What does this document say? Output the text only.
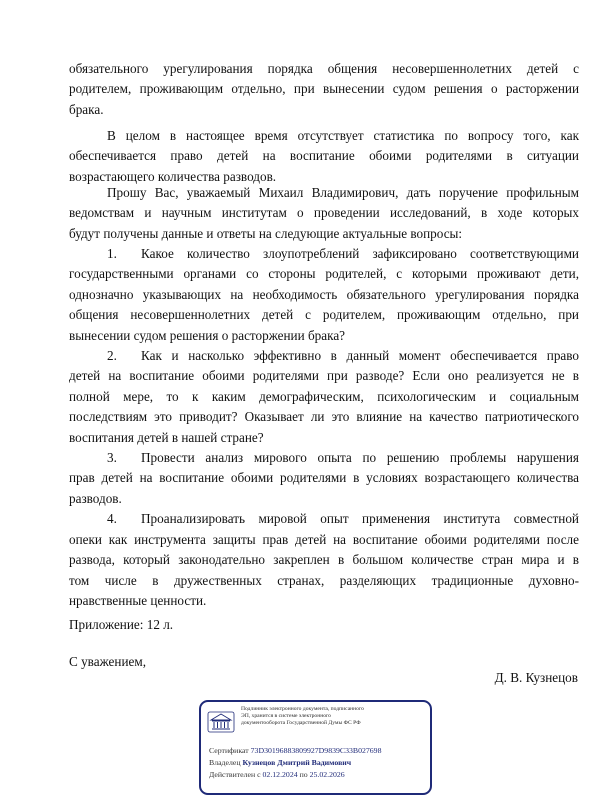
обязательного урегулирования порядка общения несовершеннолетних детей с
родителем, проживающим отдельно, при вынесении судом решения о расторжении
брака.
В целом в настоящее время отсутствует статистика по вопросу того, как
обеспечивается право детей на воспитание обоими родителями в ситуации
возрастающего количества разводов.
Прошу Вас, уважаемый Михаил Владимирович, дать поручение профильным
ведомствам и научным институтам о проведении исследований, в ходе которых
будут получены данные и ответы на следующие актуальные вопросы:
1. Какое количество злоупотреблений зафиксировано соответствующими
государственными органами со стороны родителей, с которыми проживают дети,
однозначно указывающих на необходимость обязательного урегулирования порядка
общения несовершеннолетних детей с родителем, проживающим отдельно, при
вынесении судом решения о расторжении брака?
2. Как и насколько эффективно в данный момент обеспечивается право
детей на воспитание обоими родителями при разводе? Если оно реализуется не в
полной мере, то к каким демографическим, психологическим и социальным
последствиям это приводит? Оказывает ли это влияние на качество патриотического
воспитания детей в нашей стране?
3. Провести анализ мирового опыта по решению проблемы нарушения
прав детей на воспитание обоими родителями в условиях возрастающего количества
разводов.
4. Проанализировать мировой опыт применения института совместной
опеки как инструмента защиты прав детей на воспитание обоими родителями после
развода, который законодательно закреплен в большом количестве стран мира и в
том числе в дружественных странах, разделяющих традиционные духовно-
нравственные ценности.
Приложение: 12 л.
С уважением,
Д. В. Кузнецов
Подлинник электронного документа, подписанного
ЭП, хранится в системе электронного
документооборота Государственной Думы ФС РФ
Сертификат 73D30196883809927D9839C33B027698
Владелец Кузнецов Дмитрий Вадимович
Действителен с 02.12.2024 по 25.02.2026
